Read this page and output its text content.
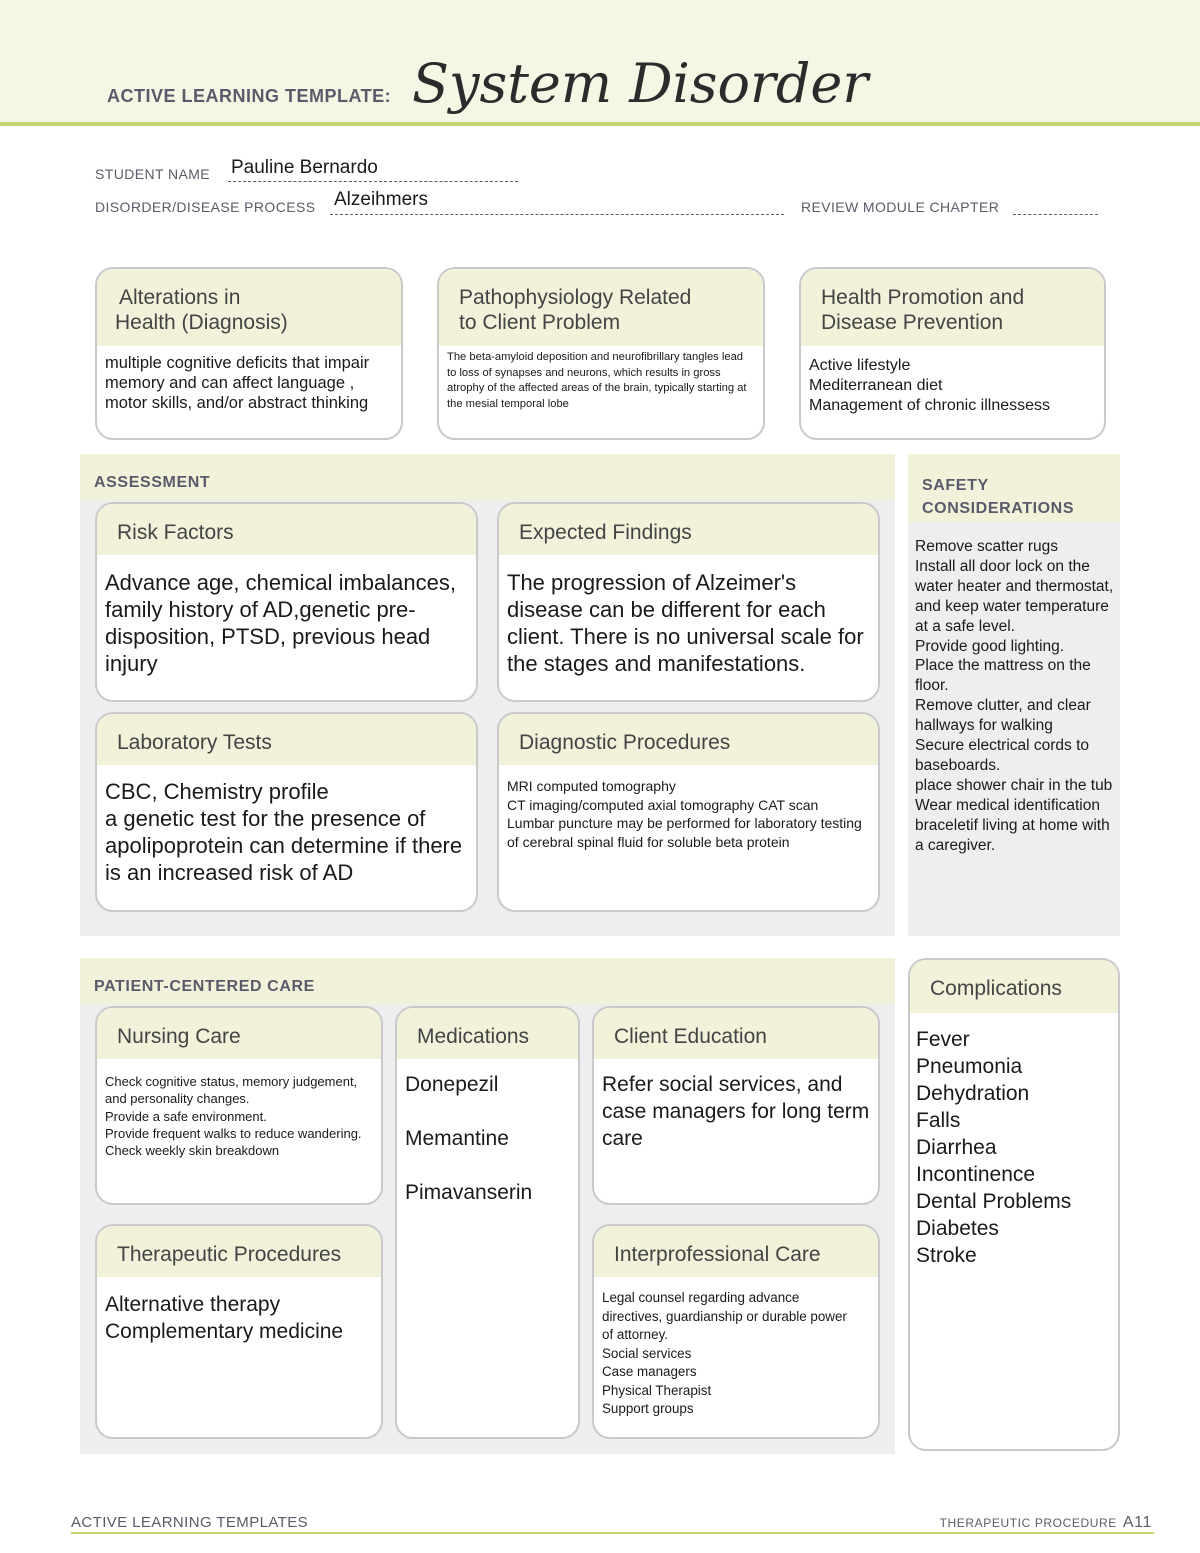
ACTIVE LEARNING TEMPLATE: System Disorder
STUDENT NAME Pauline Bernardo
DISORDER/DISEASE PROCESS Alzeihmers	REVIEW MODULE CHAPTER
Alterations in
Health (Diagnosis)
multiple cognitive deficits that impair memory and can affect language , motor skills, and/or abstract thinking
Pathophysiology Related
to Client Problem
The beta-amyloid deposition and neurofibrillary tangles lead to loss of synapses and neurons, which results in gross atrophy of the affected areas of the brain, typically starting at the mesial temporal lobe
Health Promotion and
Disease Prevention
Active lifestyle
Mediterranean diet
Management of chronic illnessess
ASSESSMENT
Risk Factors
Advance age, chemical imbalances, family history of AD,genetic pre-disposition, PTSD, previous head injury
Expected Findings
The progression of Alzeimer's disease can be different for each client. There is no universal scale for the stages and manifestations.
Laboratory Tests
CBC, Chemistry profile
a genetic test for the presence of apolipoprotein can determine if there is an increased risk of AD
Diagnostic Procedures
MRI computed tomography
CT imaging/computed axial tomography CAT scan
Lumbar puncture may be performed for laboratory testing of cerebral spinal fluid for soluble beta protein
SAFETY
CONSIDERATIONS
Remove scatter rugs
Install all door lock on the water heater and thermostat, and keep water temperature at a safe level.
Provide good lighting.
Place the mattress on the floor.
Remove clutter, and clear hallways for walking
Secure electrical cords to baseboards.
place shower chair in the tub
Wear medical identification braceletif living at home with a caregiver.
PATIENT-CENTERED CARE
Nursing Care
Check cognitive status, memory judgement, and personality changes.
Provide a safe environment.
Provide frequent walks to reduce wandering.
Check weekly skin breakdown
Medications
Donepezil
Memantine
Pimavanserin
Client Education
Refer social services, and case managers for long term care
Therapeutic Procedures
Alternative therapy
Complementary medicine
Interprofessional Care
Legal counsel regarding advance directives, guardianship or durable power of attorney.
Social services
Case managers
Physical Therapist
Support groups
Complications
Fever
Pneumonia
Dehydration
Falls
Diarrhea
Incontinence
Dental Problems
Diabetes
Stroke
ACTIVE LEARNING TEMPLATES	THERAPEUTIC PROCEDURE A11
